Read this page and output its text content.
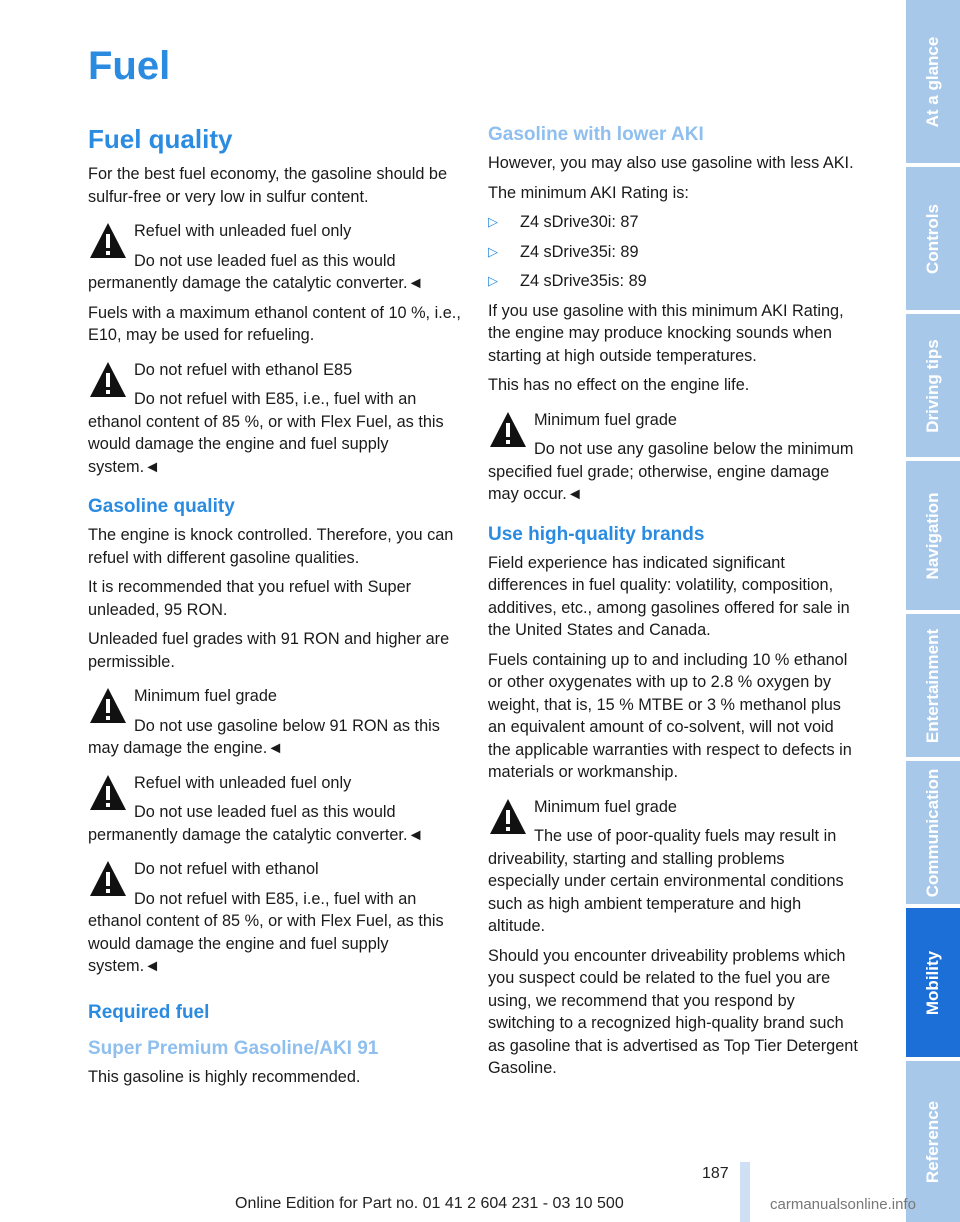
Fuel
Fuel quality

For the best fuel economy, the gasoline should be sulfur-free or very low in sulfur content.

Refuel with unleaded fuel only
Do not use leaded fuel as this would permanently damage the catalytic converter.◄

Fuels with a maximum ethanol content of 10 %, i.e., E10, may be used for refueling.

Do not refuel with ethanol E85
Do not refuel with E85, i.e., fuel with an ethanol content of 85 %, or with Flex Fuel, as this would damage the engine and fuel supply system.◄
Gasoline quality

The engine is knock controlled. Therefore, you can refuel with different gasoline qualities.

It is recommended that you refuel with Super unleaded, 95 RON.

Unleaded fuel grades with 91 RON and higher are permissible.

Minimum fuel grade
Do not use gasoline below 91 RON as this may damage the engine.◄
Refuel with unleaded fuel only
Do not use leaded fuel as this would permanently damage the catalytic converter.◄
Do not refuel with ethanol
Do not refuel with E85, i.e., fuel with an ethanol content of 85 %, or with Flex Fuel, as this would damage the engine and fuel supply system.◄
Required fuel
Super Premium Gasoline/AKI 91

This gasoline is highly recommended.

Gasoline with lower AKI

However, you may also use gasoline with less AKI.

The minimum AKI Rating is:

▷ Z4 sDrive30i: 87
▷ Z4 sDrive35i: 89
▷ Z4 sDrive35is: 89

If you use gasoline with this minimum AKI Rating, the engine may produce knocking sounds when starting at high outside temperatures.

This has no effect on the engine life.

Minimum fuel grade
Do not use any gasoline below the minimum specified fuel grade; otherwise, engine damage may occur.◄
Use high-quality brands

Field experience has indicated significant differences in fuel quality: volatility, composition, additives, etc., among gasolines offered for sale in the United States and Canada.

Fuels containing up to and including 10 % ethanol or other oxygenates with up to 2.8 % oxygen by weight, that is, 15 % MTBE or 3 % methanol plus an equivalent amount of co-solvent, will not void the applicable warranties with respect to defects in materials or workmanship.

Minimum fuel grade
The use of poor-quality fuels may result in driveability, starting and stalling problems especially under certain environmental conditions such as high ambient temperature and high altitude.

Should you encounter driveability problems which you suspect could be related to the fuel you are using, we recommend that you respond by switching to a recognized high-quality brand such as gasoline that is advertised as Top Tier Detergent Gasoline.

At a glance
Controls
Driving tips
Navigation
Entertainment
Communication
Mobility
Reference
187
Online Edition for Part no. 01 41 2 604 231 - 03 10 500	carmanualsonline.info
